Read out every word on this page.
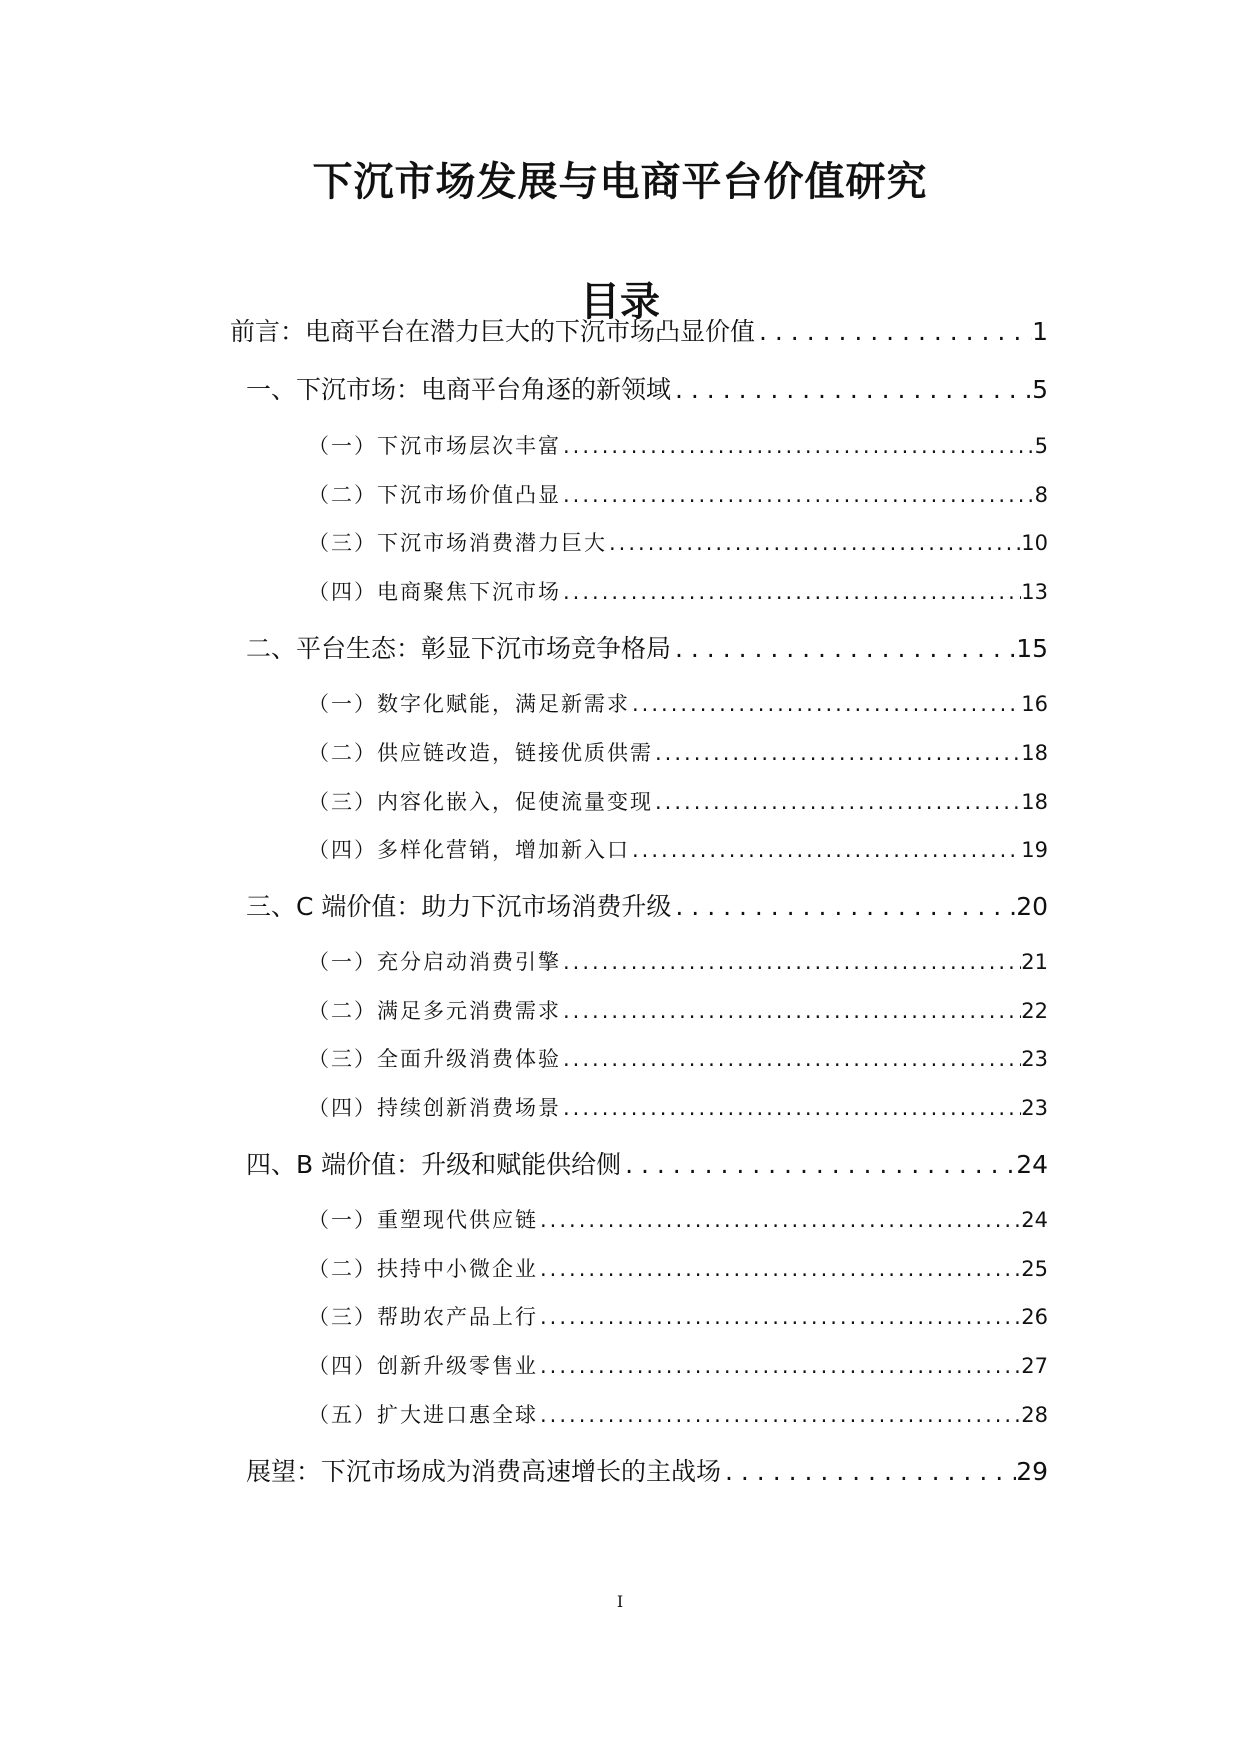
下沉市场发展与电商平台价值研究
目录
前言：电商平台在潜力巨大的下沉市场凸显价值 . . .	1
一、下沉市场：电商平台角逐的新领域 . . .	5
（一）下沉市场层次丰富 .....	5
（二）下沉市场价值凸显 .....	8
（三）下沉市场消费潜力巨大 .....	10
（四）电商聚焦下沉市场 .....	13
二、平台生态：彰显下沉市场竞争格局 . . .	15
（一）数字化赋能，满足新需求 .....	16
（二）供应链改造，链接优质供需 .....	18
（三）内容化嵌入，促使流量变现 .....	18
（四）多样化营销，增加新入口 .....	19
三、C 端价值：助力下沉市场消费升级 . . .	20
（一）充分启动消费引擎 .....	21
（二）满足多元消费需求 .....	22
（三）全面升级消费体验 .....	23
（四）持续创新消费场景 .....	23
四、B 端价值：升级和赋能供给侧 . . .	24
（一）重塑现代供应链 .....	24
（二）扶持中小微企业 .....	25
（三）帮助农产品上行 .....	26
（四）创新升级零售业 .....	27
（五）扩大进口惠全球 .....	28
展望：下沉市场成为消费高速增长的主战场 . . .	29
I
